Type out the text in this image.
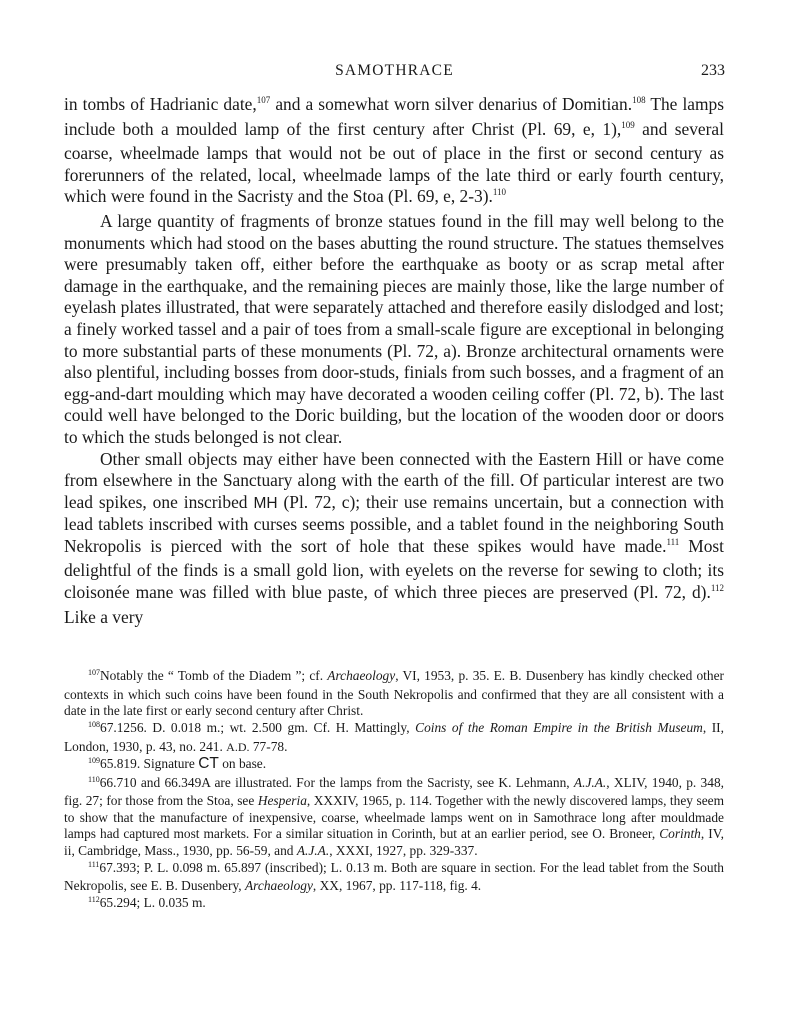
SAMOTHRACE	233

in tombs of Hadrianic date,$^{107}$ and a somewhat worn silver denarius of Domitian.$^{108}$ The lamps include both a moulded lamp of the first century after Christ (Pl. 69, e, 1),$^{109}$ and several coarse, wheelmade lamps that would not be out of place in the first or second century as forerunners of the related, local, wheelmade lamps of the late third or early fourth century, which were found in the Sacristy and the Stoa (Pl. 69, e, 2-3).$^{110}$

A large quantity of fragments of bronze statues found in the fill may well belong to the monuments which had stood on the bases abutting the round structure. The statues themselves were presumably taken off, either before the earthquake as booty or as scrap metal after damage in the earthquake, and the remaining pieces are mainly those, like the large number of eyelash plates illustrated, that were separately attached and therefore easily dislodged and lost; a finely worked tassel and a pair of toes from a small-scale figure are exceptional in belonging to more substantial parts of these monuments (Pl. 72, a). Bronze architectural ornaments were also plentiful, including bosses from door-studs, finials from such bosses, and a fragment of an egg-and-dart moulding which may have decorated a wooden ceiling coffer (Pl. 72, b). The last could well have belonged to the Doric building, but the location of the wooden door or doors to which the studs belonged is not clear.

Other small objects may either have been connected with the Eastern Hill or have come from elsewhere in the Sanctuary along with the earth of the fill. Of particular interest are two lead spikes, one inscribed MH (Pl. 72, c); their use remains uncertain, but a connection with lead tablets inscribed with curses seems possible, and a tablet found in the neighboring South Nekropolis is pierced with the sort of hole that these spikes would have made.$^{111}$ Most delightful of the finds is a small gold lion, with eyelets on the reverse for sewing to cloth; its cloisonée mane was filled with blue paste, of which three pieces are preserved (Pl. 72, d).$^{112}$ Like a very

$^{107}$Notably the “ Tomb of the Diadem ”; cf. Archaeology, VI, 1953, p. 35. E. B. Dusenbery has kindly checked other contexts in which such coins have been found in the South Nekropolis and confirmed that they are all consistent with a date in the late first or early second century after Christ.

$^{108}$67.1256. D. 0.018 m.; wt. 2.500 gm. Cf. H. Mattingly, Coins of the Roman Empire in the British Museum, II, London, 1930, p. 43, no. 241. A.D. 77-78.

$^{109}$65.819. Signature CT on base.

$^{110}$66.710 and 66.349A are illustrated. For the lamps from the Sacristy, see K. Lehmann, A.J.A., XLIV, 1940, p. 348, fig. 27; for those from the Stoa, see Hesperia, XXXIV, 1965, p. 114. Together with the newly discovered lamps, they seem to show that the manufacture of inexpensive, coarse, wheelmade lamps went on in Samothrace long after mouldmade lamps had captured most markets. For a similar situation in Corinth, but at an earlier period, see O. Broneer, Corinth, IV, ii, Cambridge, Mass., 1930, pp. 56-59, and A.J.A., XXXI, 1927, pp. 329-337.

$^{111}$67.393; P. L. 0.098 m. 65.897 (inscribed); L. 0.13 m. Both are square in section. For the lead tablet from the South Nekropolis, see E. B. Dusenbery, Archaeology, XX, 1967, pp. 117-118, fig. 4.

$^{112}$65.294; L. 0.035 m.
